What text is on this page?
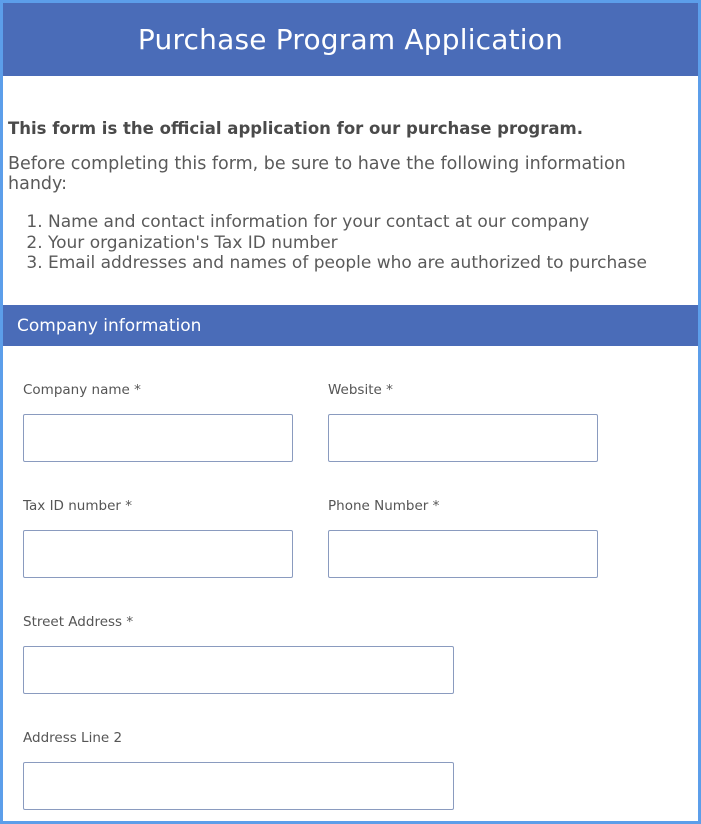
Purchase Program Application

This form is the official application for our purchase program.

Before completing this form, be sure to have the following information handy:

1. Name and contact information for your contact at our company
2. Your organization's Tax ID number
3. Email addresses and names of people who are authorized to purchase
Company information
Company name *	Website *
Tax ID number *	Phone Number *
Street Address *
Address Line 2
